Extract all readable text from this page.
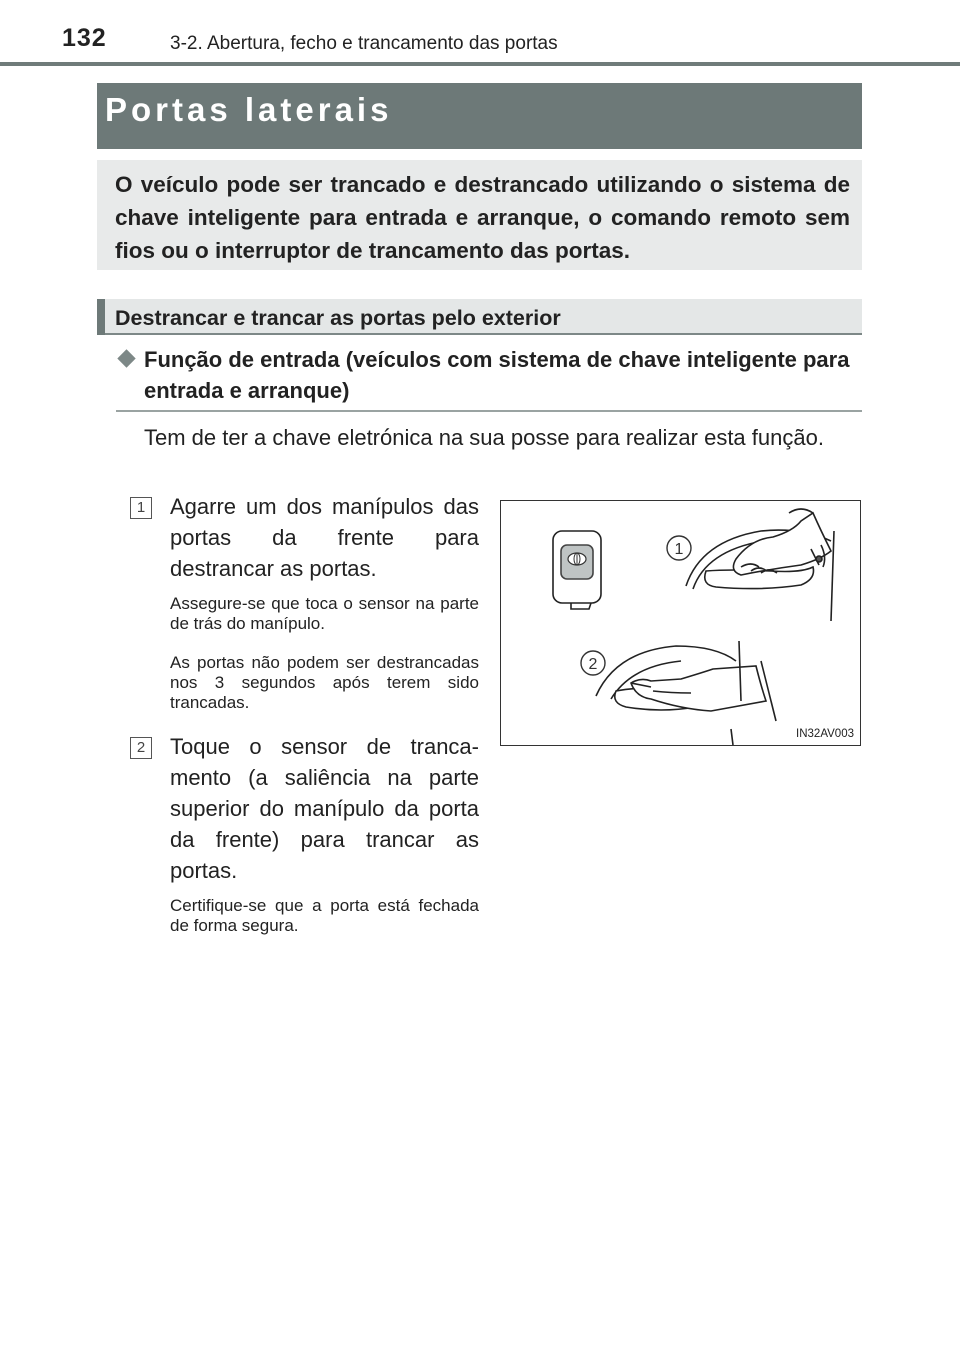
132	3-2. Abertura, fecho e trancamento das portas
Portas laterais
O veículo pode ser trancado e destrancado utilizando o sistema de chave inteligente para entrada e arranque, o comando remoto sem fios ou o interruptor de trancamento das portas.
Destrancar e trancar as portas pelo exterior
Função de entrada (veículos com sistema de chave inteligente para entrada e arranque)
Tem de ter a chave eletrónica na sua posse para realizar esta função.
1	Agarre um dos manípulos das portas da frente para destrancar as portas.
Assegure-se que toca o sensor na parte de trás do manípulo.
As portas não podem ser destrancadas nos 3 segundos após terem sido trancadas.
2	Toque o sensor de tranca-mento (a saliência na parte superior do manípulo da porta da frente) para trancar as portas.
Certifique-se que a porta está fechada de forma segura.
1
2
IN32AV003
